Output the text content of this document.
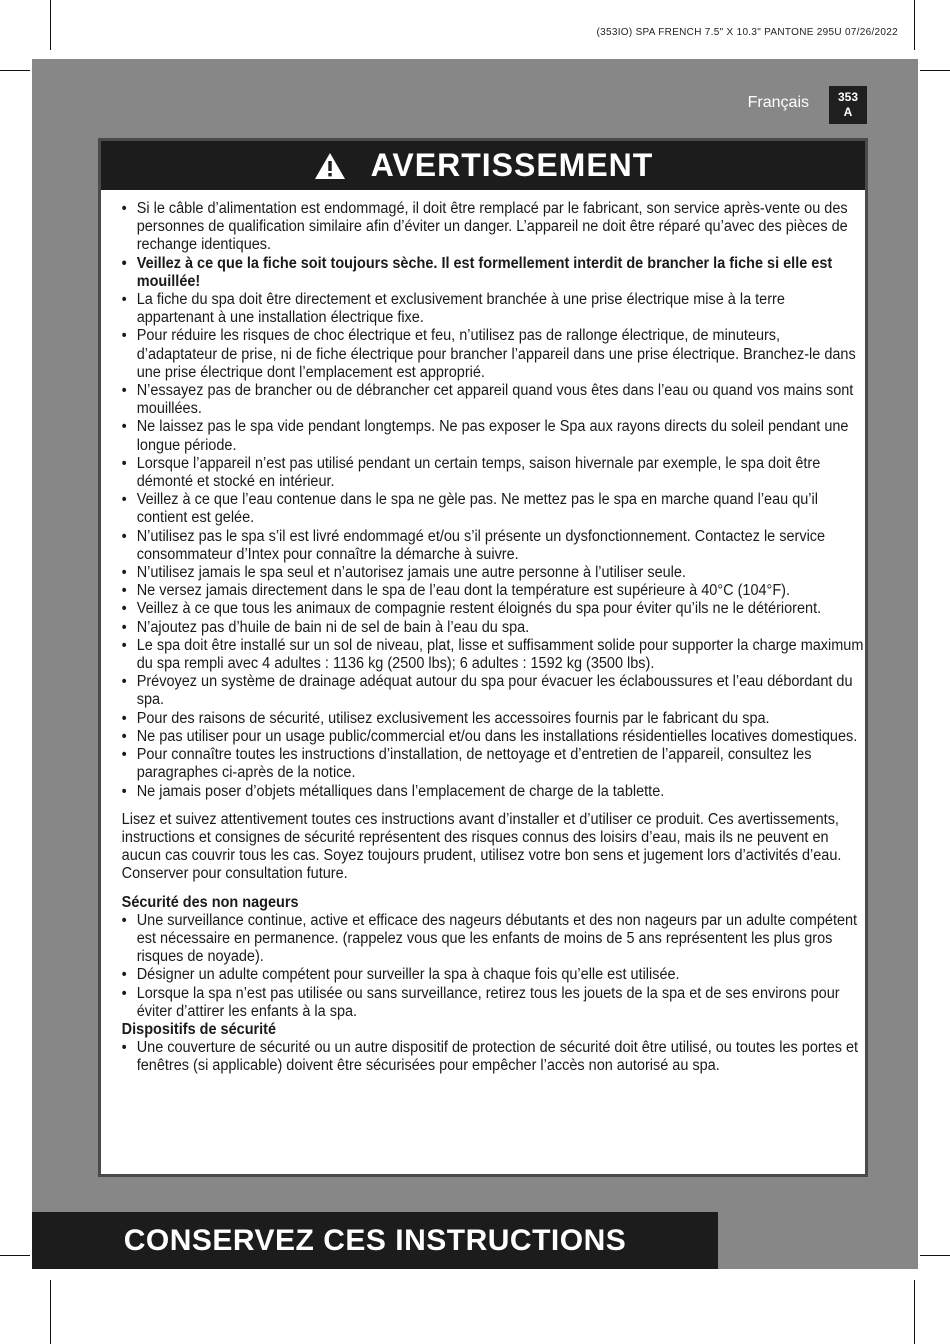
(353IO) SPA FRENCH 7.5" X 10.3" PANTONE 295U 07/26/2022
Français 353
A
AVERTISSEMENT
• Si le câble d’alimentation est endommagé, il doit être remplacé par le fabricant, son service après-vente ou des personnes de qualification similaire afin d’éviter un danger. L’appareil ne doit être réparé qu’avec des pièces de rechange identiques.
• Veillez à ce que la fiche soit toujours sèche. Il est formellement interdit de brancher la fiche si elle est mouillée!
• La fiche du spa doit être directement et exclusivement branchée à une prise électrique mise à la terre appartenant à une installation électrique fixe.
• Pour réduire les risques de choc électrique et feu, n’utilisez pas de rallonge électrique, de minuteurs, d’adaptateur de prise, ni de fiche électrique pour brancher l’appareil dans une prise électrique. Branchez-le dans une prise électrique dont l’emplacement est approprié.
• N’essayez pas de brancher ou de débrancher cet appareil quand vous êtes dans l’eau ou quand vos mains sont mouillées.
• Ne laissez pas le spa vide pendant longtemps. Ne pas exposer le Spa aux rayons directs du soleil pendant une longue période.
• Lorsque l’appareil n’est pas utilisé pendant un certain temps, saison hivernale par exemple, le spa doit être démonté et stocké en intérieur.
• Veillez à ce que l’eau contenue dans le spa ne gèle pas. Ne mettez pas le spa en marche quand l’eau qu’il contient est gelée.
• N’utilisez pas le spa s’il est livré endommagé et/ou s’il présente un dysfonctionnement. Contactez le service consommateur d’Intex pour connaître la démarche à suivre.
• N’utilisez jamais le spa seul et n’autorisez jamais une autre personne à l’utiliser seule.
• Ne versez jamais directement dans le spa de l’eau dont la température est supérieure à 40°C (104°F).
• Veillez à ce que tous les animaux de compagnie restent éloignés du spa pour éviter qu’ils ne le détériorent.
• N’ajoutez pas d’huile de bain ni de sel de bain à l’eau du spa.
• Le spa doit être installé sur un sol de niveau, plat, lisse et suffisamment solide pour supporter la charge maximum du spa rempli avec 4 adultes : 1136 kg (2500 lbs); 6 adultes : 1592 kg (3500 lbs).
• Prévoyez un système de drainage adéquat autour du spa pour évacuer les éclaboussures et l’eau débordant du spa.
• Pour des raisons de sécurité, utilisez exclusivement les accessoires fournis par le fabricant du spa.
• Ne pas utiliser pour un usage public/commercial et/ou dans les installations résidentielles locatives domestiques.
• Pour connaître toutes les instructions d’installation, de nettoyage et d’entretien de l’appareil, consultez les paragraphes ci-après de la notice.
• Ne jamais poser d’objets métalliques dans l’emplacement de charge de la tablette.
Lisez et suivez attentivement toutes ces instructions avant d’installer et d’utiliser ce produit. Ces avertissements, instructions et consignes de sécurité représentent des risques connus des loisirs d’eau, mais ils ne peuvent en aucun cas couvrir tous les cas. Soyez toujours prudent, utilisez votre bon sens et jugement lors d’activités d’eau. Conserver pour consultation future.
Sécurité des non nageurs
• Une surveillance continue, active et efficace des nageurs débutants et des non nageurs par un adulte compétent est nécessaire en permanence. (rappelez vous que les enfants de moins de 5 ans représentent les plus gros risques de noyade).
• Désigner un adulte compétent pour surveiller la spa à chaque fois qu’elle est utilisée.
• Lorsque la spa n’est pas utilisée ou sans surveillance, retirez tous les jouets de la spa et de ses environs pour éviter d’attirer les enfants à la spa.
Dispositifs de sécurité
• Une couverture de sécurité ou un autre dispositif de protection de sécurité doit être utilisé, ou toutes les portes et fenêtres (si applicable) doivent être sécurisées pour empêcher l’accès non autorisé au spa.
CONSERVEZ CES INSTRUCTIONS
